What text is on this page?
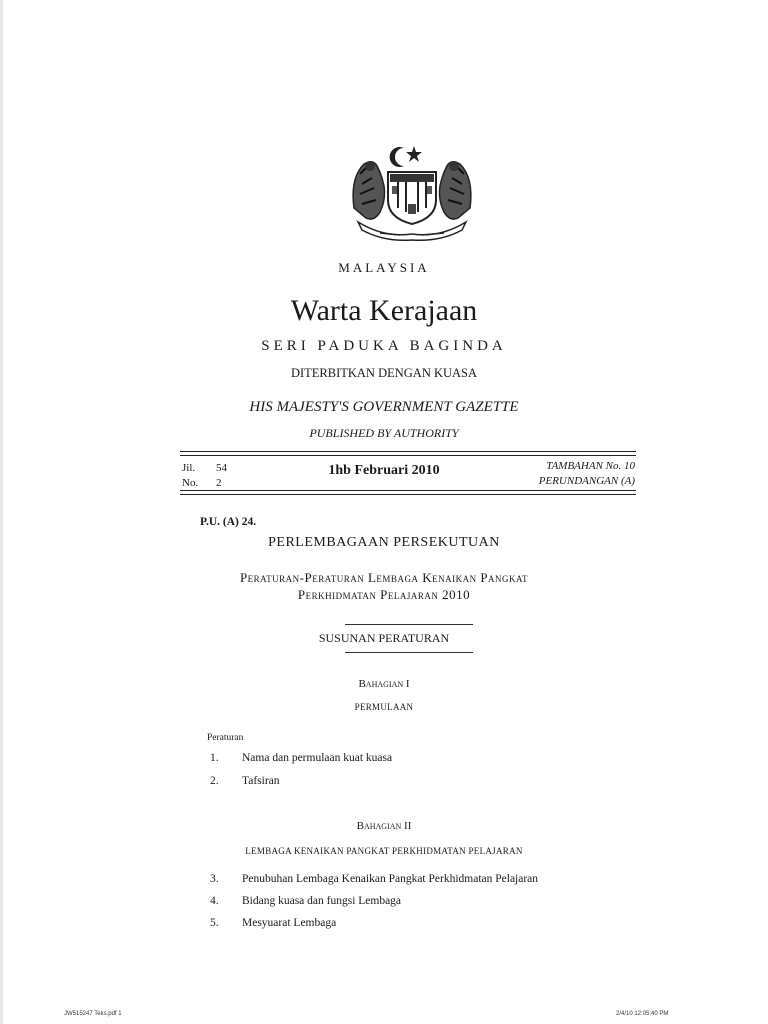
MALAYSIA
Warta Kerajaan
SERI PADUKA BAGINDA
DITERBITKAN DENGAN KUASA
HIS MAJESTY'S GOVERNMENT GAZETTE
PUBLISHED BY AUTHORITY
Jil. 54
No. 2
1hb Februari 2010	TAMBAHAN No. 10
PERUNDANGAN (A)
P.U. (A) 24.
PERLEMBAGAAN PERSEKUTUAN
Peraturan-Peraturan Lembaga Kenaikan Pangkat
Perkhidmatan Pelajaran 2010
SUSUNAN PERATURAN
Bahagian I
PERMULAAN
Peraturan
1. Nama dan permulaan kuat kuasa
2. Tafsiran
Bahagian II
LEMBAGA KENAIKAN PANGKAT PERKHIDMATAN PELAJARAN
3. Penubuhan Lembaga Kenaikan Pangkat Perkhidmatan Pelajaran
4. Bidang kuasa dan fungsi Lembaga
5. Mesyuarat Lembaga
JW515247 Teks.pdf 1	2/4/10 12:05:40 PM
